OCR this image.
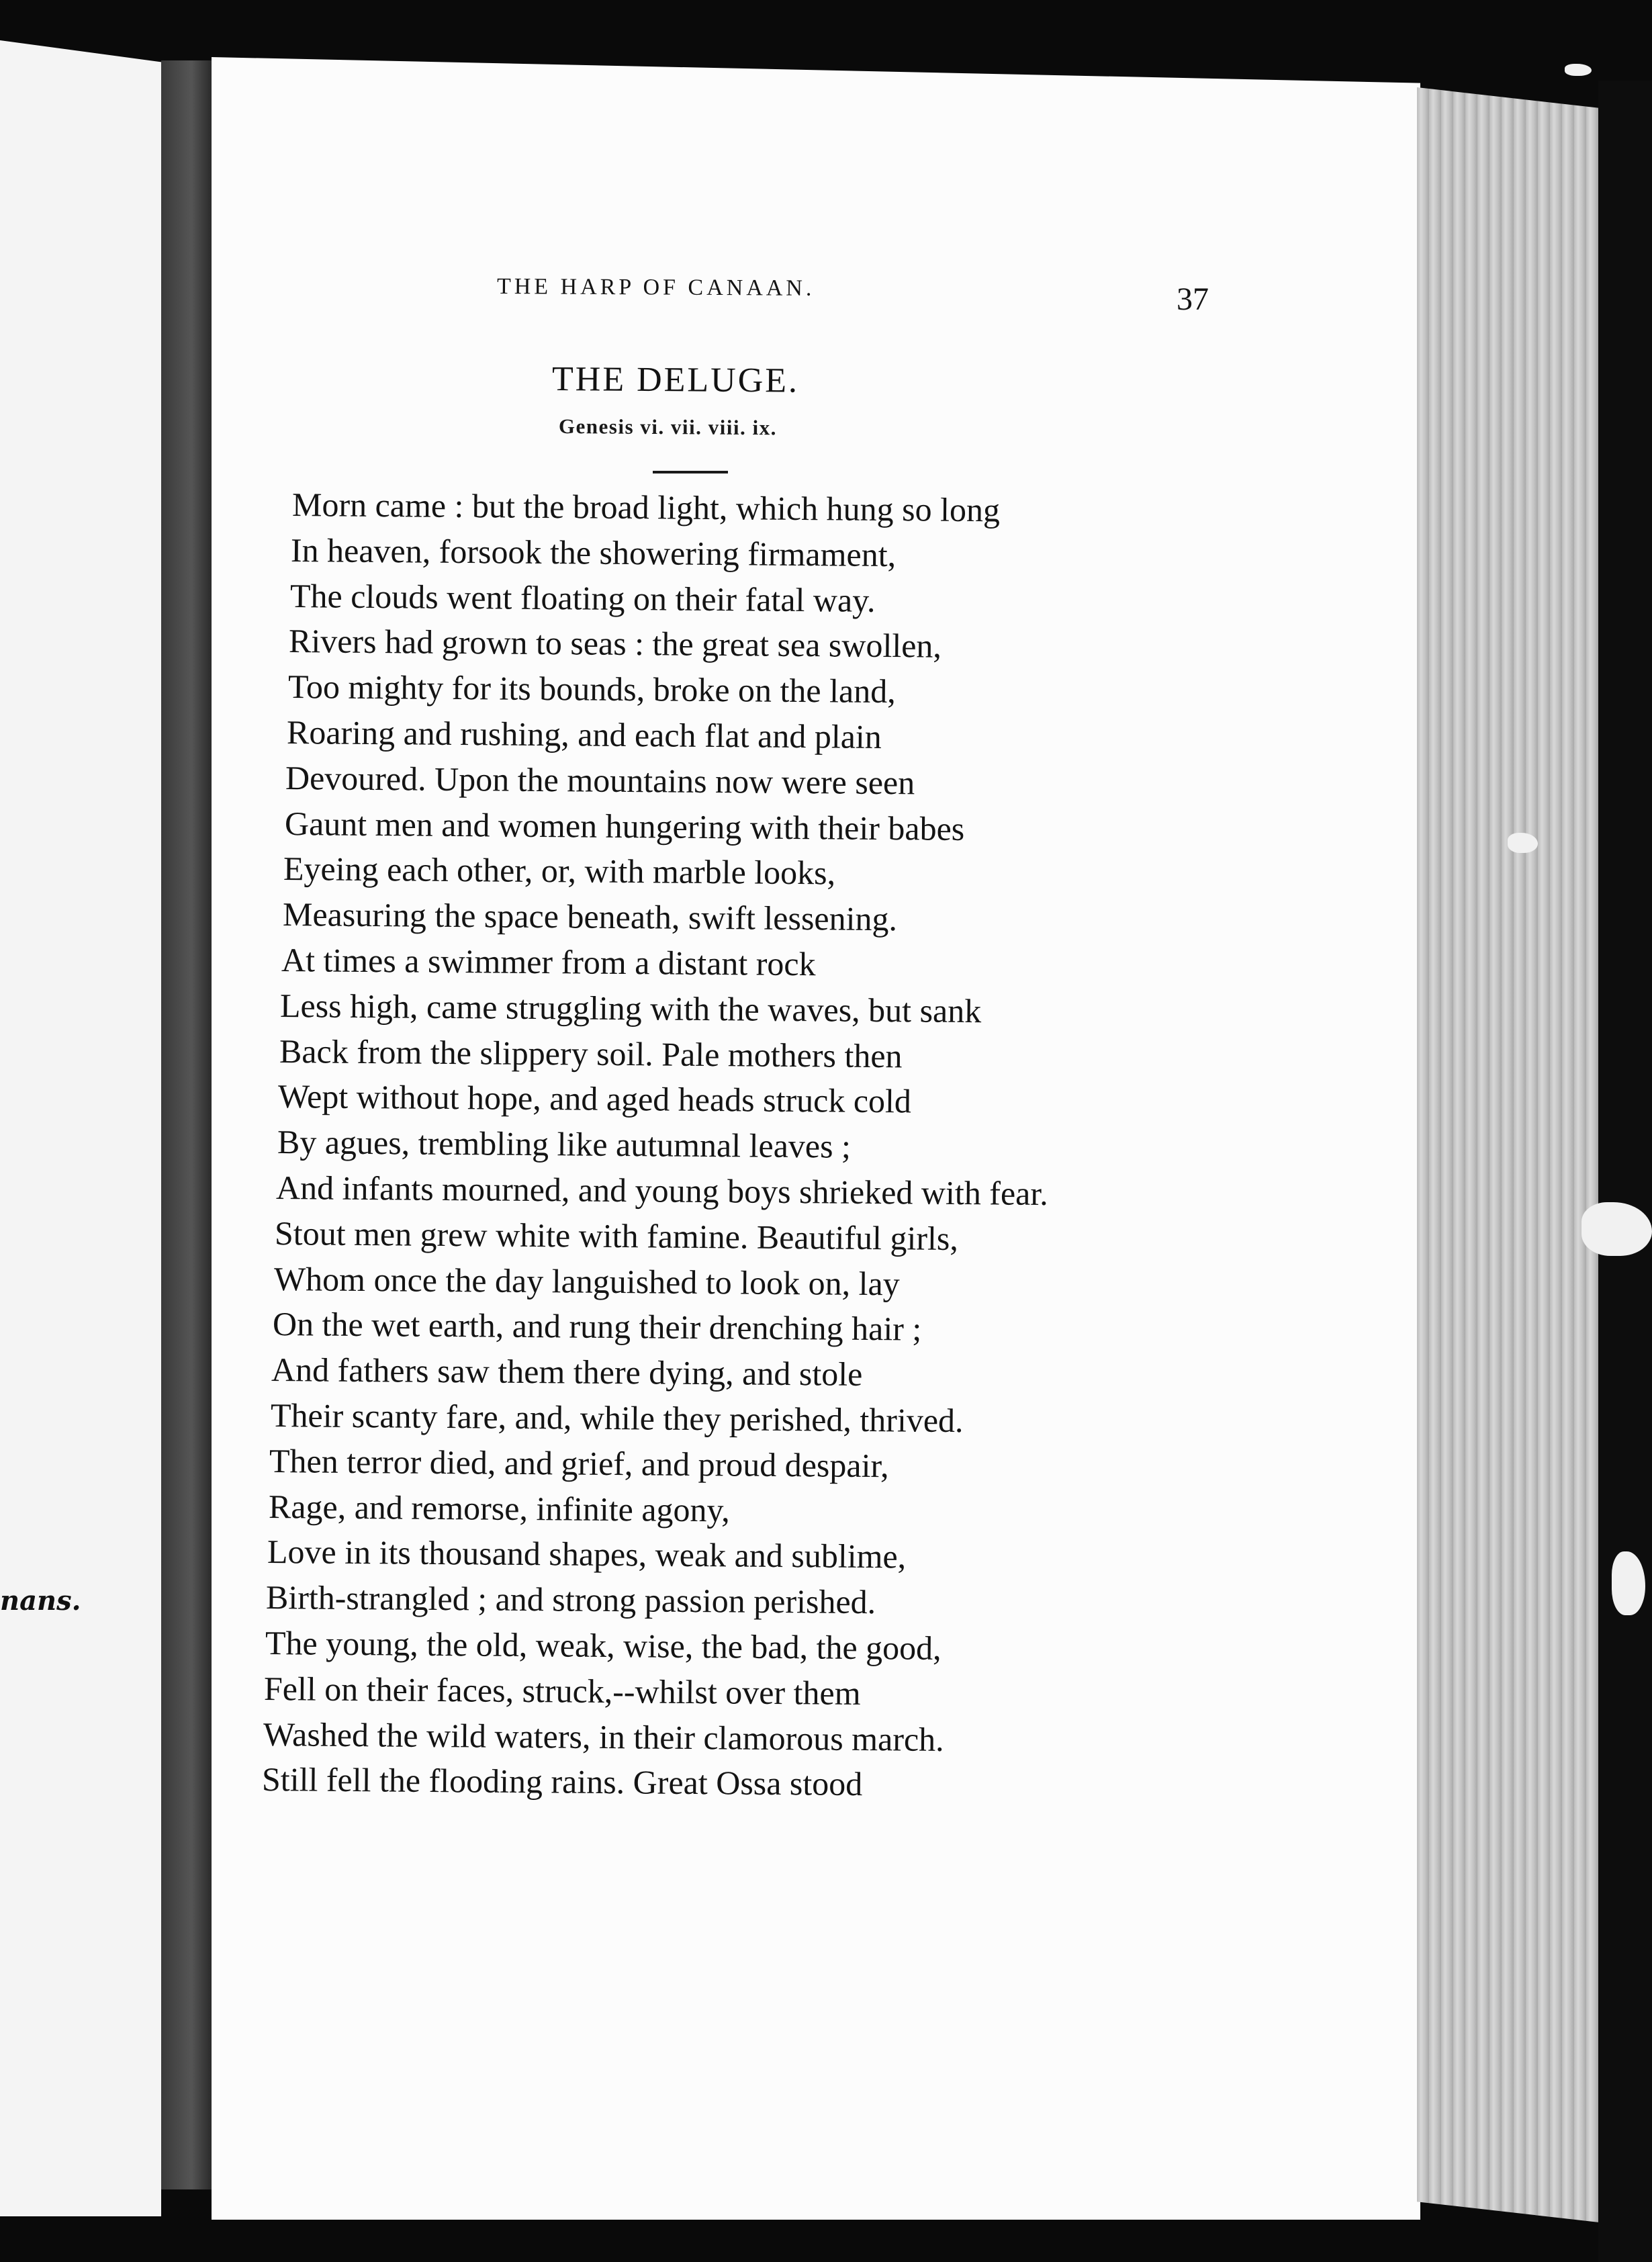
nans.
THE HARP OF CANAAN.	37
THE DELUGE.
Genesis vi. vii. viii. ix.
Morn came : but the broad light, which hung so long
In heaven, forsook the showering firmament,
The clouds went floating on their fatal way.
Rivers had grown to seas : the great sea swollen,
Too mighty for its bounds, broke on the land,
Roaring and rushing, and each flat and plain
Devoured. Upon the mountains now were seen
Gaunt men and women hungering with their babes
Eyeing each other, or, with marble looks,
Measuring the space beneath, swift lessening.
At times a swimmer from a distant rock
Less high, came struggling with the waves, but sank
Back from the slippery soil. Pale mothers then
Wept without hope, and aged heads struck cold
By agues, trembling like autumnal leaves ;
And infants mourned, and young boys shrieked with fear.
Stout men grew white with famine. Beautiful girls,
Whom once the day languished to look on, lay
On the wet earth, and rung their drenching hair ;
And fathers saw them there dying, and stole
Their scanty fare, and, while they perished, thrived.
Then terror died, and grief, and proud despair,
Rage, and remorse, infinite agony,
Love in its thousand shapes, weak and sublime,
Birth-strangled ; and strong passion perished.
The young, the old, weak, wise, the bad, the good,
Fell on their faces, struck,--whilst over them
Washed the wild waters, in their clamorous march.
Still fell the flooding rains. Great Ossa stood
